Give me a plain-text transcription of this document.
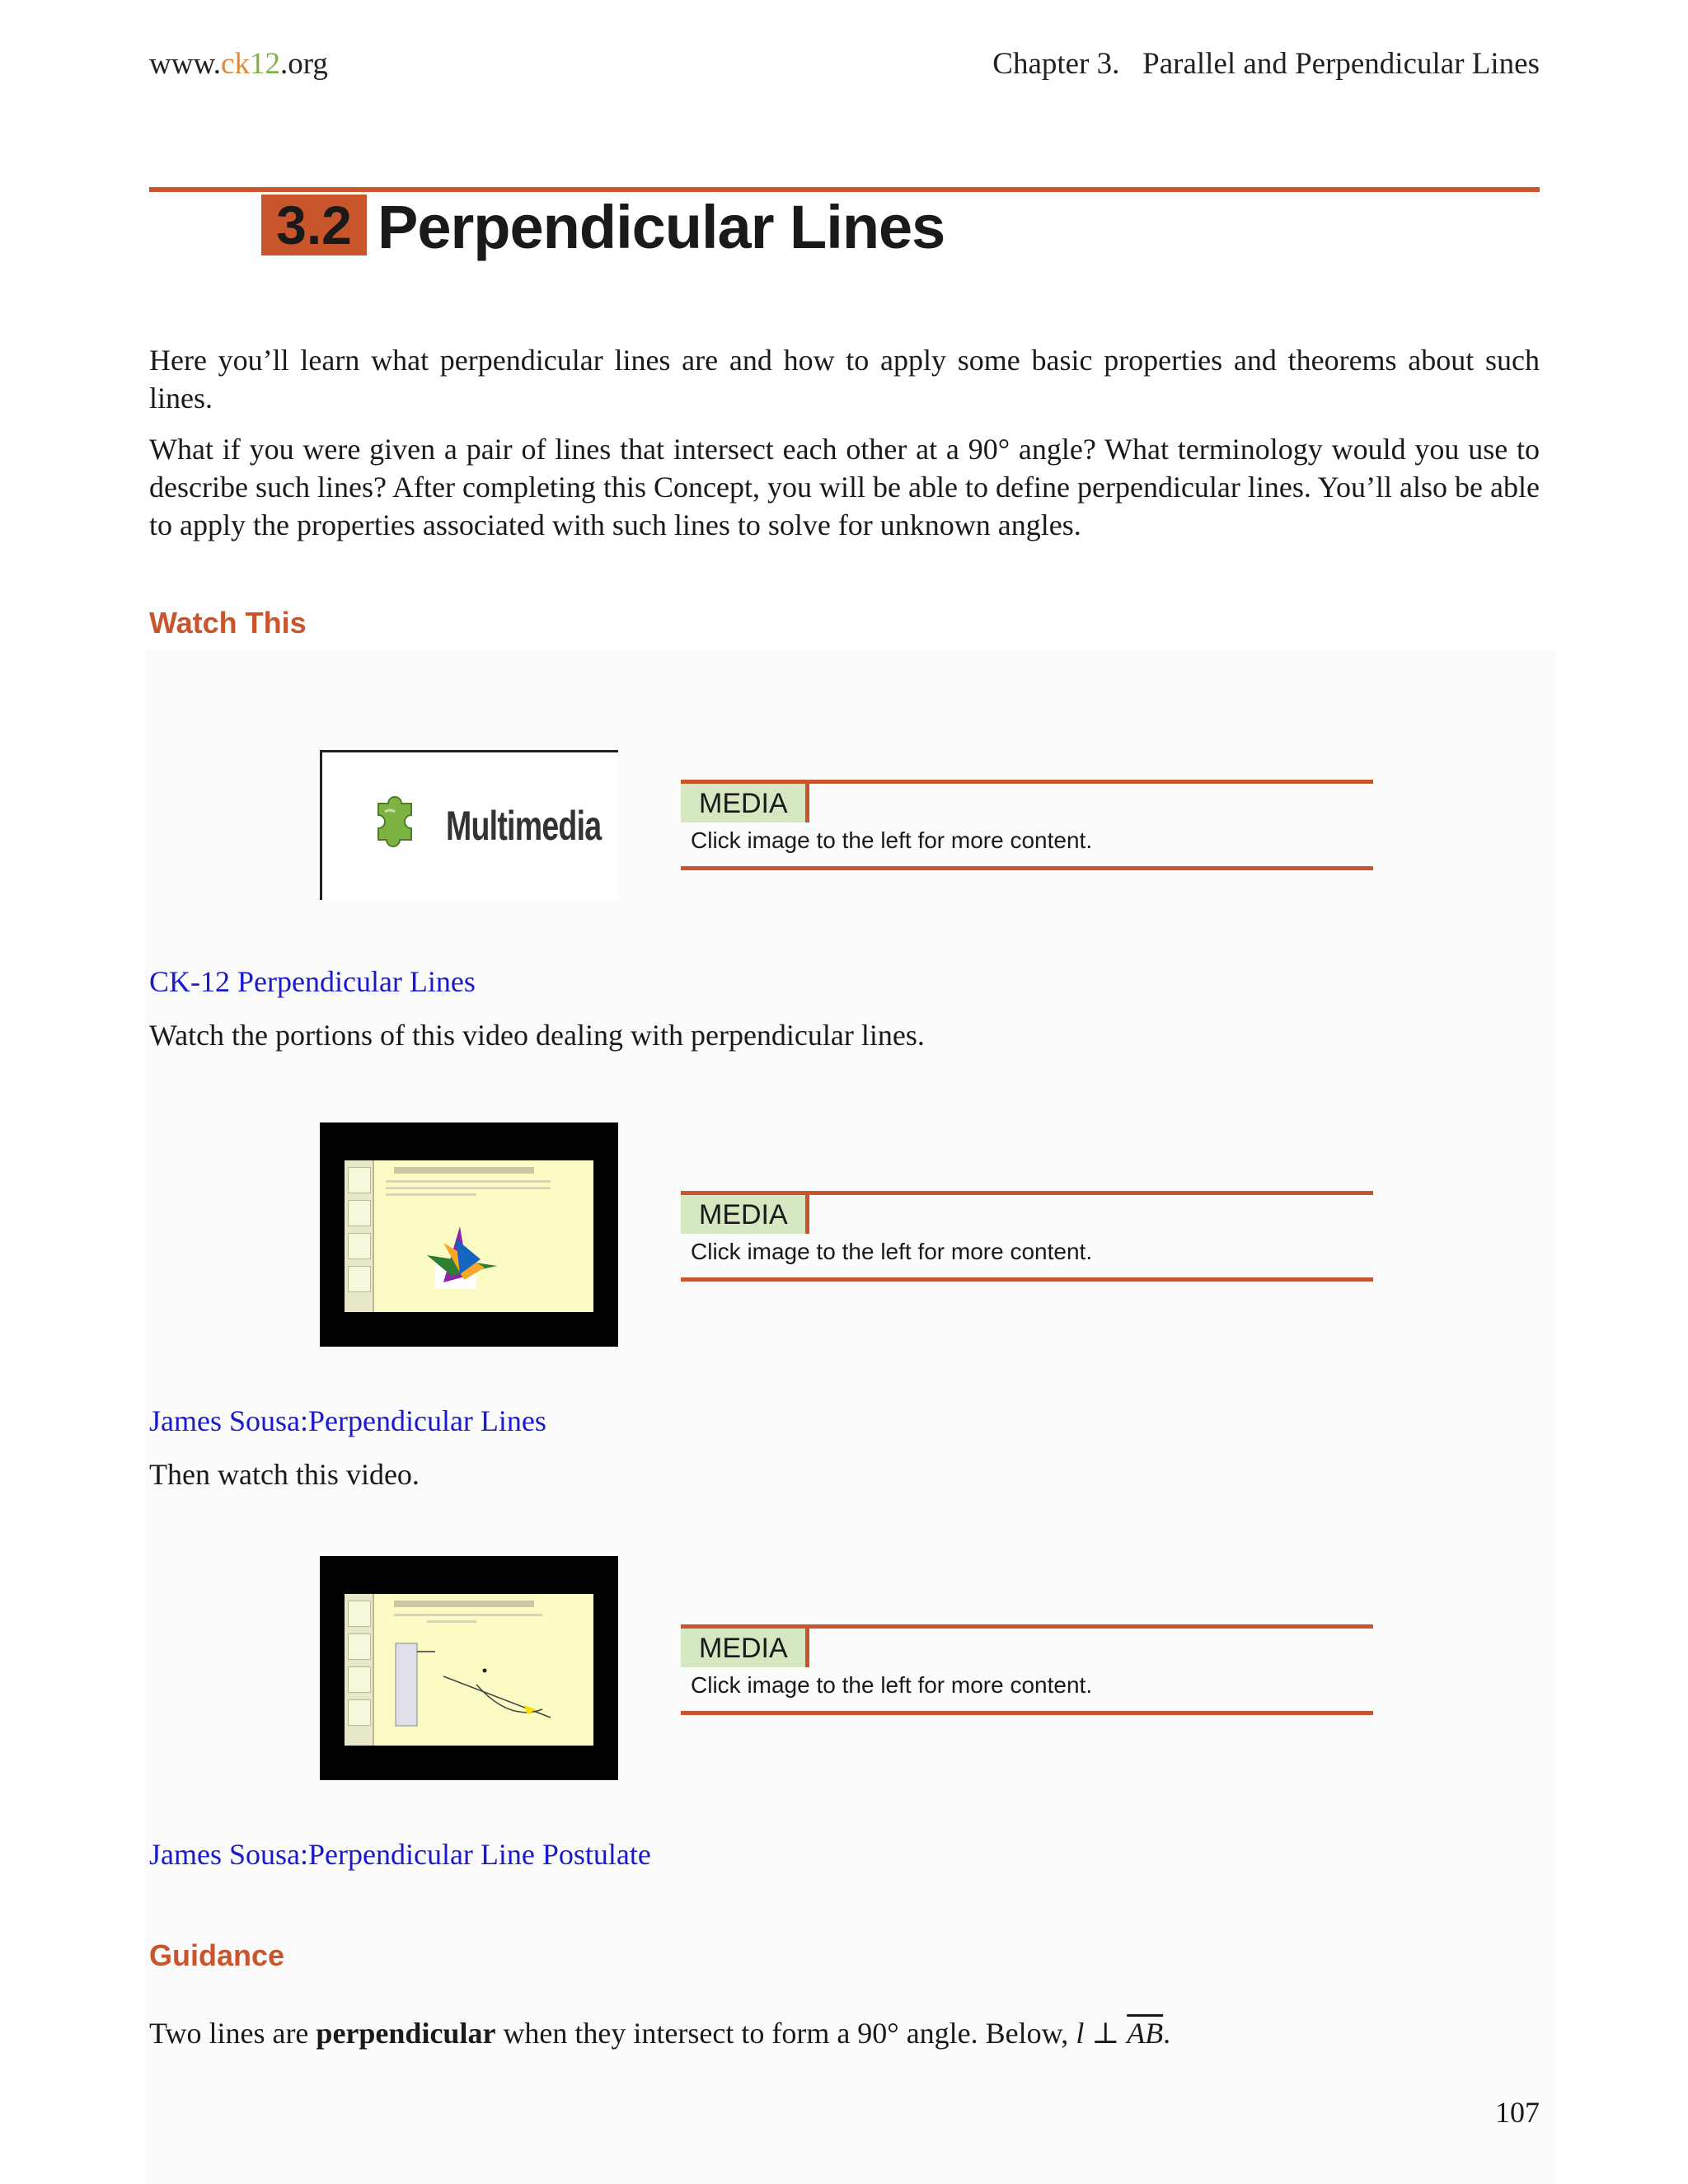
www.ck12.org	Chapter 3.   Parallel and Perpendicular Lines
3.2 Perpendicular Lines
Here you’ll learn what perpendicular lines are and how to apply some basic properties and theorems about such lines.
What if you were given a pair of lines that intersect each other at a 90° angle? What terminology would you use to describe such lines? After completing this Concept, you will be able to define perpendicular lines. You’ll also be able to apply the properties associated with such lines to solve for unknown angles.
Watch This
Multimedia	MEDIA
Click image to the left for more content.
CK-12 Perpendicular Lines
Watch the portions of this video dealing with perpendicular lines.
MEDIA
Click image to the left for more content.
James Sousa:Perpendicular Lines
Then watch this video.
MEDIA
Click image to the left for more content.
James Sousa:Perpendicular Line Postulate
Guidance
Two lines are perpendicular when they intersect to form a 90° angle. Below, l ⊥ $\overline{AB}$.
107
